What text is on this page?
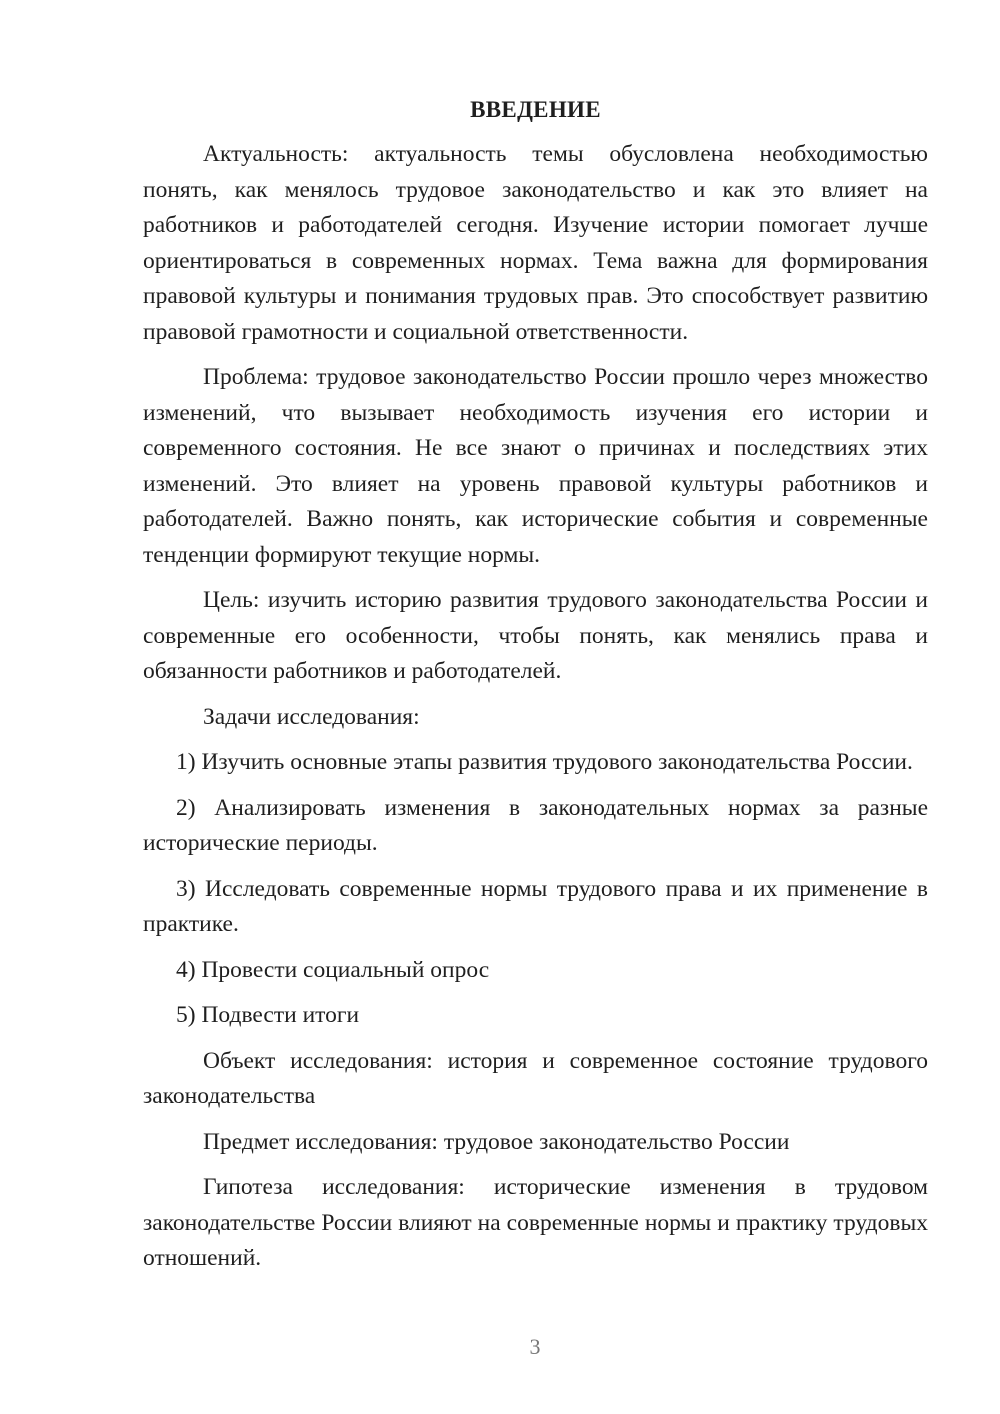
ВВЕДЕНИЕ

Актуальность: актуальность темы обусловлена необходимостью понять, как менялось трудовое законодательство и как это влияет на работников и работодателей сегодня. Изучение истории помогает лучше ориентироваться в современных нормах. Тема важна для формирования правовой культуры и понимания трудовых прав. Это способствует развитию правовой грамотности и социальной ответственности.

Проблема: трудовое законодательство России прошло через множество изменений, что вызывает необходимость изучения его истории и современного состояния. Не все знают о причинах и последствиях этих изменений. Это влияет на уровень правовой культуры работников и работодателей. Важно понять, как исторические события и современные тенденции формируют текущие нормы.

Цель: изучить историю развития трудового законодательства России и современные его особенности, чтобы понять, как менялись права и обязанности работников и работодателей.

Задачи исследования:

1) Изучить основные этапы развития трудового законодательства России.

2) Анализировать изменения в законодательных нормах за разные исторические периоды.

3) Исследовать современные нормы трудового права и их применение в практике.

4) Провести социальный опрос

5) Подвести итоги

Объект исследования: история и современное состояние трудового законодательства

Предмет исследования: трудовое законодательство России

Гипотеза исследования: исторические изменения в трудовом законодательстве России влияют на современные нормы и практику трудовых отношений.

3
